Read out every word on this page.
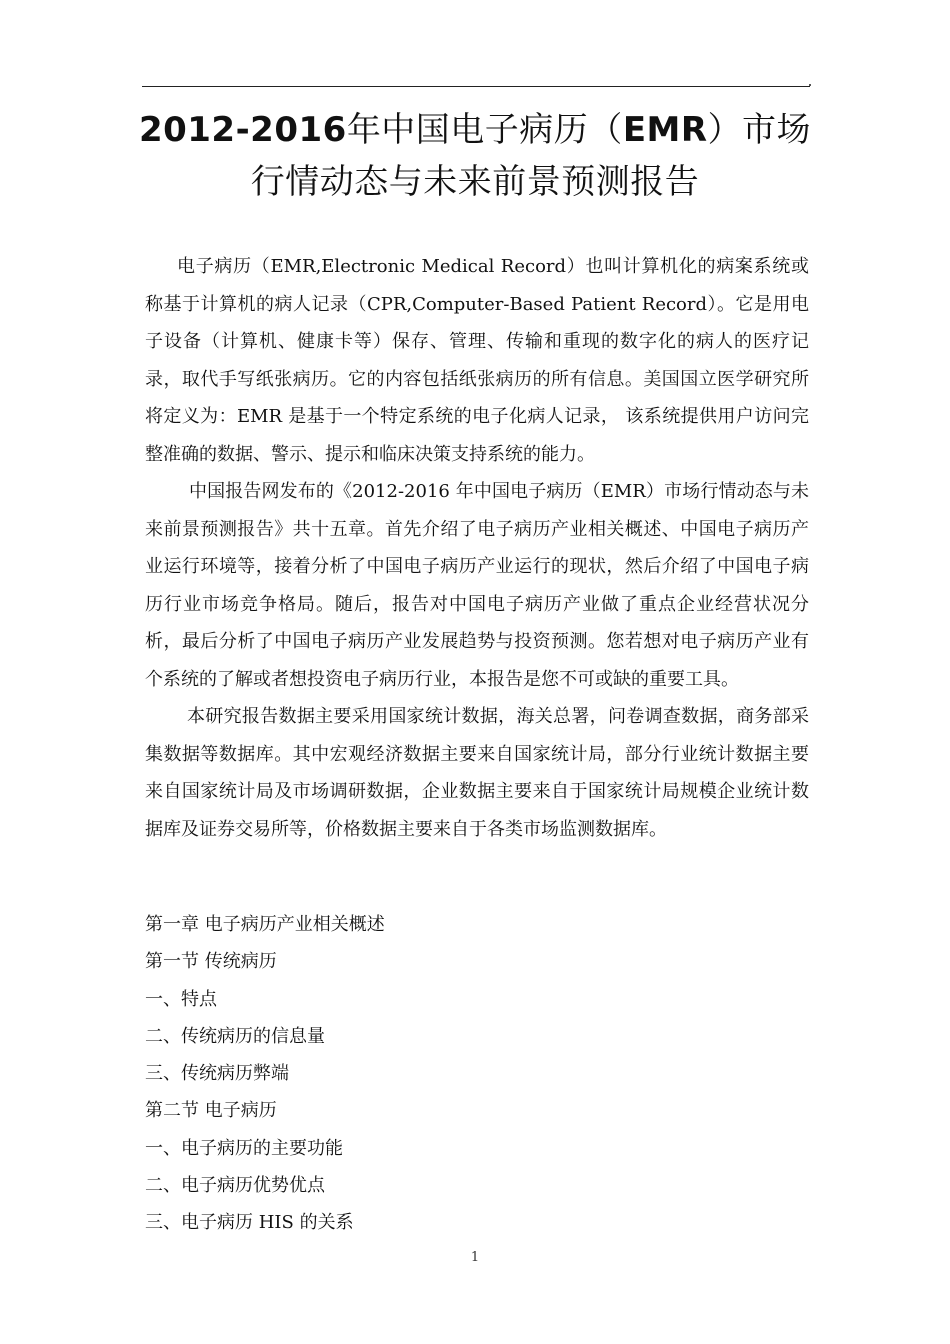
2012-2016年中国电子病历（EMR）市场
行情动态与未来前景预测报告

电子病历（EMR,Electronic Medical Record）也叫计算机化的病案系统或称基于计算机的病人记录（CPR,Computer-Based Patient Record）。它是用电子设备（计算机、健康卡等）保存、管理、传输和重现的数字化的病人的医疗记录，取代手写纸张病历。它的内容包括纸张病历的所有信息。美国国立医学研究所将定义为：EMR 是基于一个特定系统的电子化病人记录， 该系统提供用户访问完整准确的数据、警示、提示和临床决策支持系统的能力。

中国报告网发布的《2012-2016 年中国电子病历（EMR）市场行情动态与未来前景预测报告》共十五章。首先介绍了电子病历产业相关概述、中国电子病历产业运行环境等，接着分析了中国电子病历产业运行的现状，然后介绍了中国电子病历行业市场竞争格局。随后，报告对中国电子病历产业做了重点企业经营状况分析，最后分析了中国电子病历产业发展趋势与投资预测。您若想对电子病历产业有个系统的了解或者想投资电子病历行业，本报告是您不可或缺的重要工具。

本研究报告数据主要采用国家统计数据，海关总署，问卷调查数据，商务部采集数据等数据库。其中宏观经济数据主要来自国家统计局，部分行业统计数据主要来自国家统计局及市场调研数据，企业数据主要来自于国家统计局规模企业统计数据库及证券交易所等，价格数据主要来自于各类市场监测数据库。

第一章 电子病历产业相关概述
第一节 传统病历
一、特点
二、传统病历的信息量
三、传统病历弊端
第二节 电子病历
一、电子病历的主要功能
二、电子病历优势优点
三、电子病历 HIS 的关系
1
